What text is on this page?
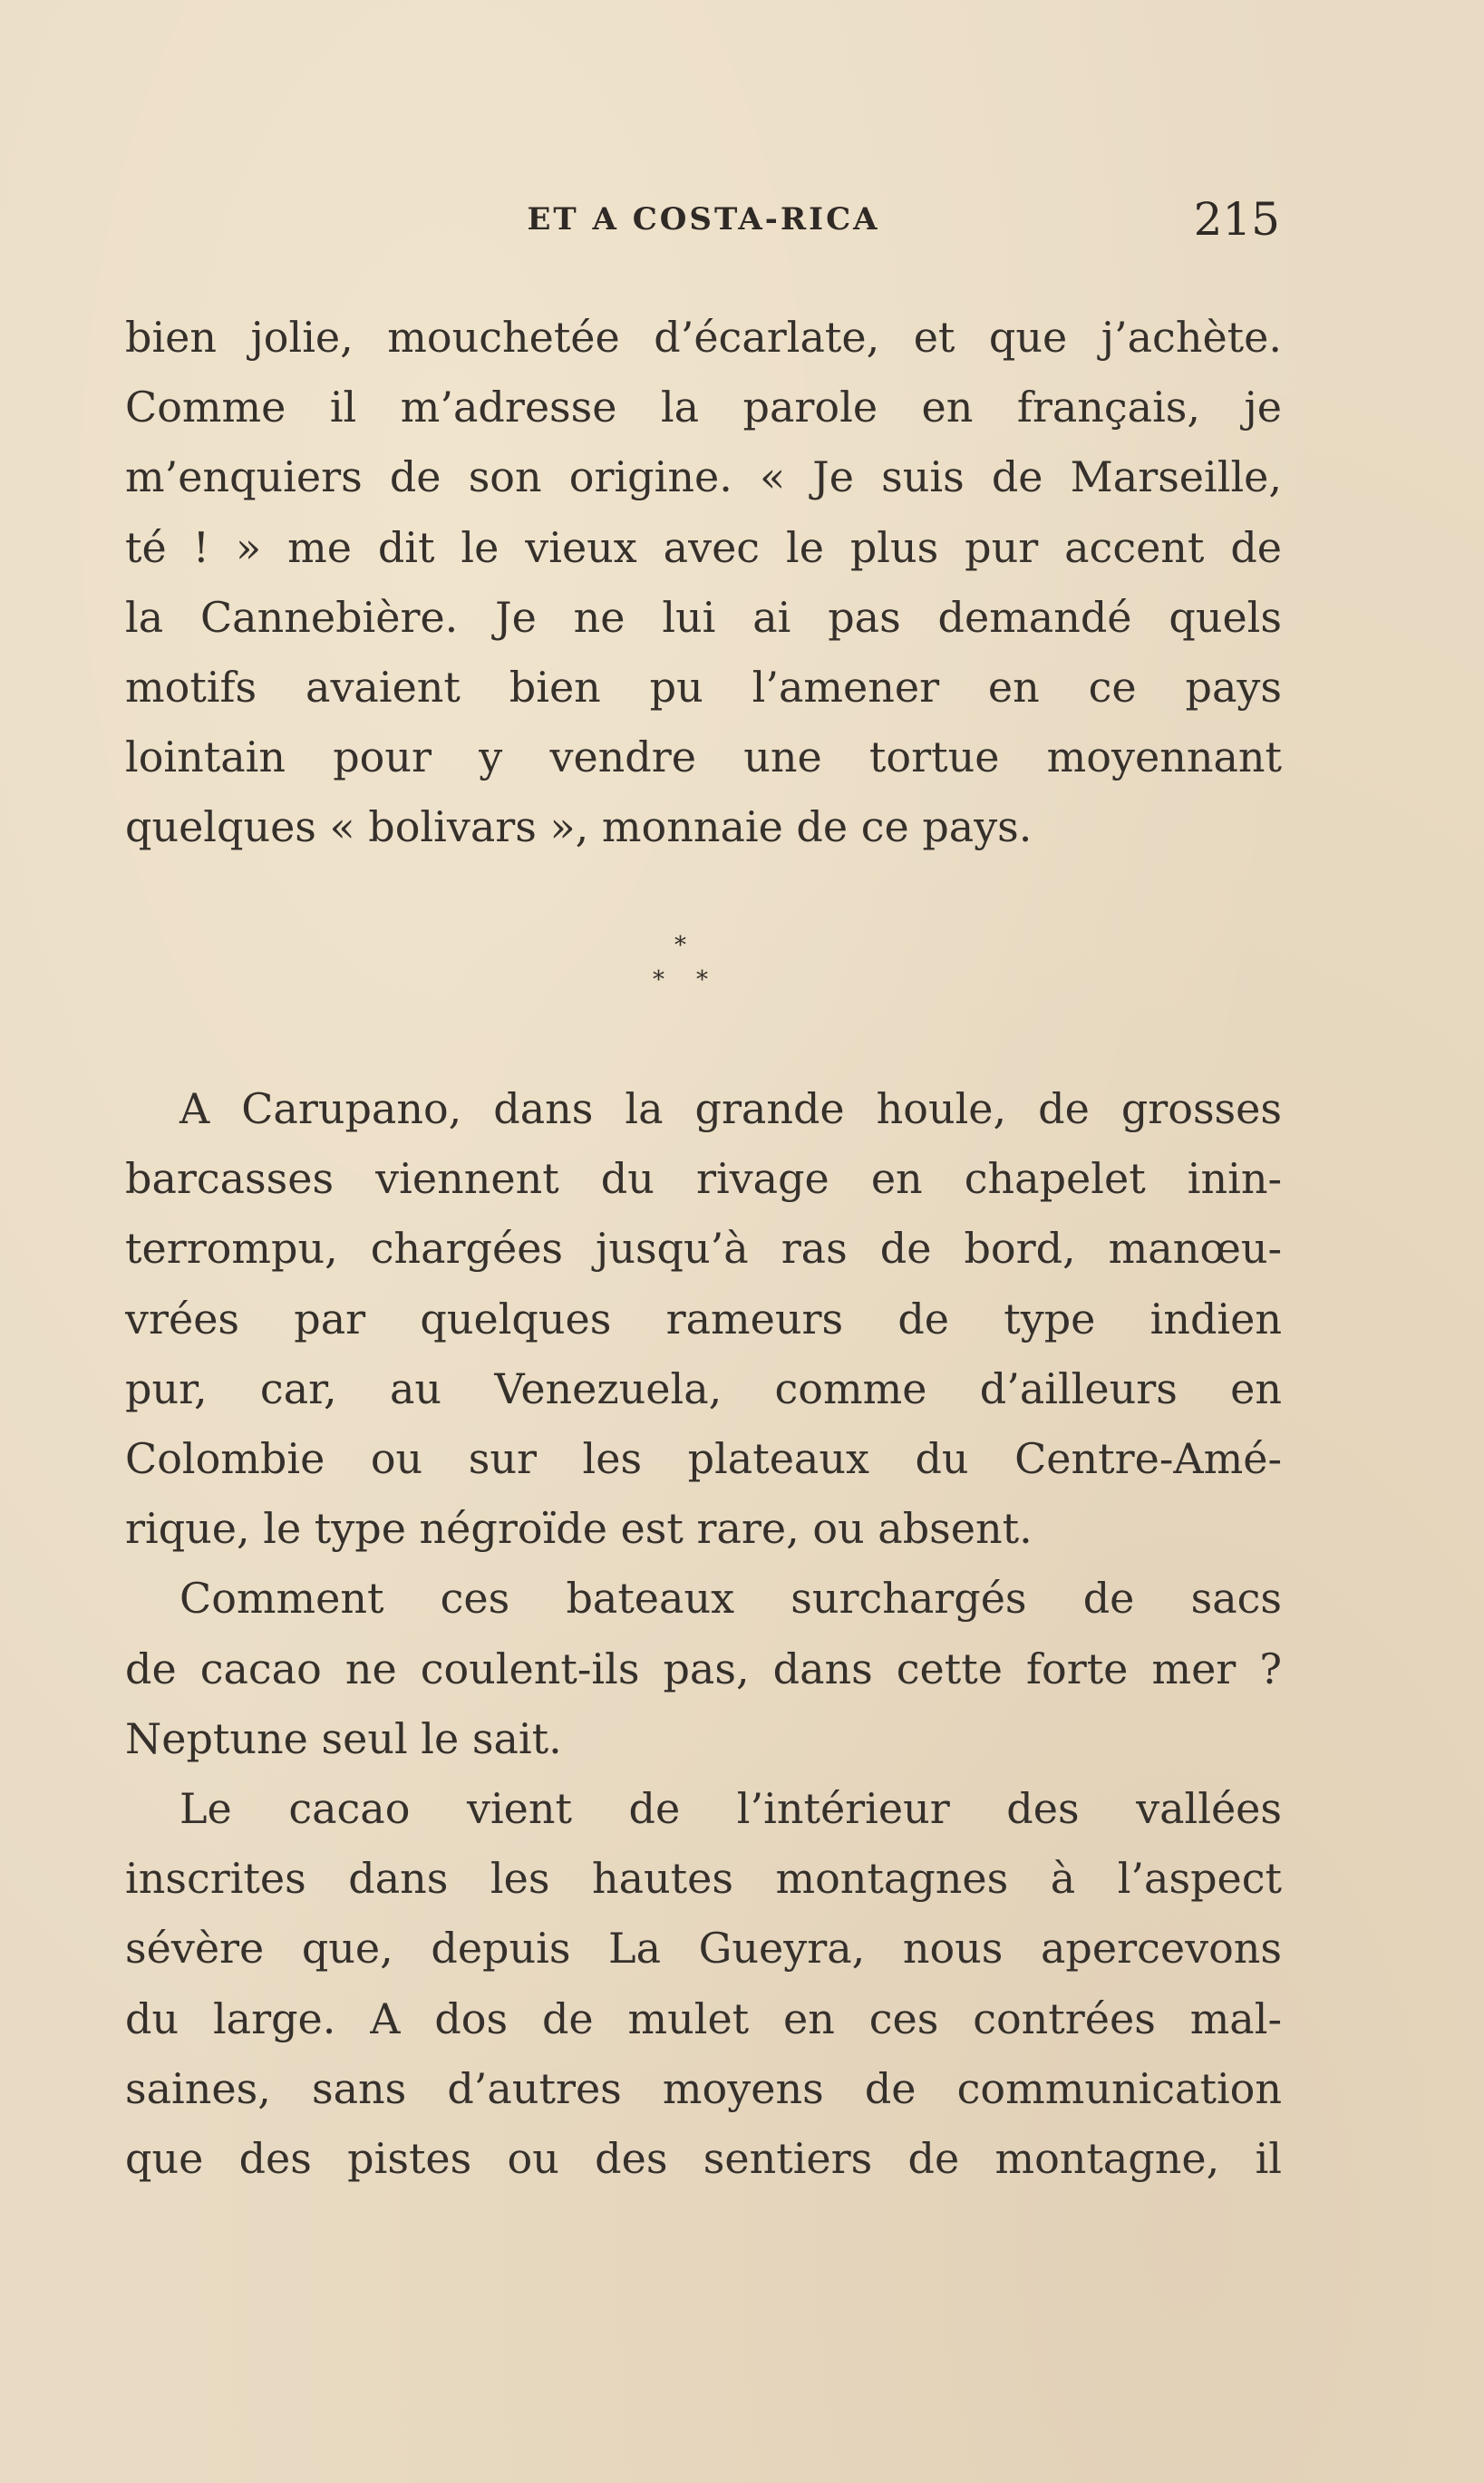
ET A COSTA-RICA	215
bien jolie, mouchetée d’écarlate, et que j’achète.
Comme il m’adresse la parole en français, je
m’enquiers de son origine. « Je suis de Marseille,
té ! » me dit le vieux avec le plus pur accent de
la Cannebière. Je ne lui ai pas demandé quels
motifs avaient bien pu l’amener en ce pays
lointain pour y vendre une tortue moyennant
quelques « bolivars », monnaie de ce pays.
*
* *
A Carupano, dans la grande houle, de grosses
barcasses viennent du rivage en chapelet inin-
terrompu, chargées jusqu’à ras de bord, manœu-
vrées par quelques rameurs de type indien
pur, car, au Venezuela, comme d’ailleurs en
Colombie ou sur les plateaux du Centre-Amé-
rique, le type négroïde est rare, ou absent.
Comment ces bateaux surchargés de sacs
de cacao ne coulent-ils pas, dans cette forte mer ?
Neptune seul le sait.
Le cacao vient de l’intérieur des vallées
inscrites dans les hautes montagnes à l’aspect
sévère que, depuis La Gueyra, nous apercevons
du large. A dos de mulet en ces contrées mal-
saines, sans d’autres moyens de communication
que des pistes ou des sentiers de montagne, il
